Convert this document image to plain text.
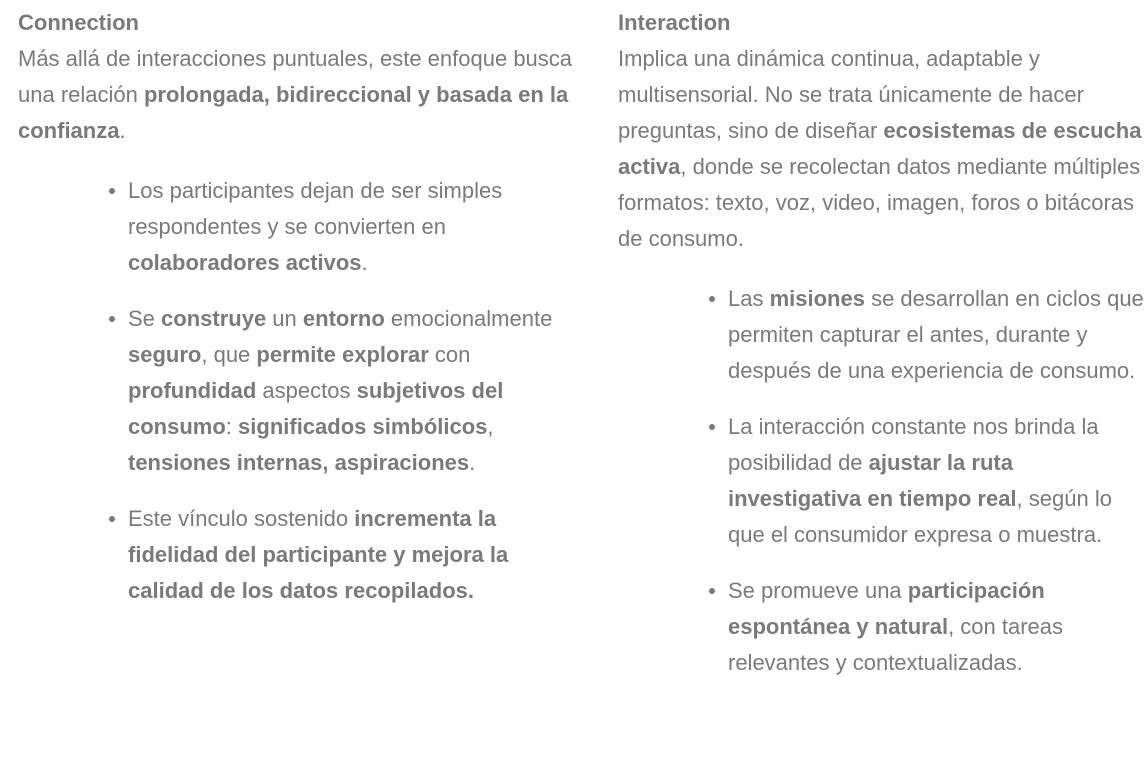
Connection

Más allá de interacciones puntuales, este enfoque busca una relación prolongada, bidireccional y basada en la confianza.

Los participantes dejan de ser simples respondentes y se convierten en colaboradores activos.
Se construye un entorno emocionalmente seguro, que permite explorar con profundidad aspectos subjetivos del consumo: significados simbólicos, tensiones internas, aspiraciones.
Este vínculo sostenido incrementa la fidelidad del participante y mejora la calidad de los datos recopilados.

Interaction

Implica una dinámica continua, adaptable y multisensorial. No se trata únicamente de hacer preguntas, sino de diseñar ecosistemas de escucha activa, donde se recolectan datos mediante múltiples formatos: texto, voz, video, imagen, foros o bitácoras de consumo.

Las misiones se desarrollan en ciclos que permiten capturar el antes, durante y después de una experiencia de consumo.
La interacción constante nos brinda la posibilidad de ajustar la ruta investigativa en tiempo real, según lo que el consumidor expresa o muestra.
Se promueve una participación espontánea y natural, con tareas relevantes y contextualizadas.
